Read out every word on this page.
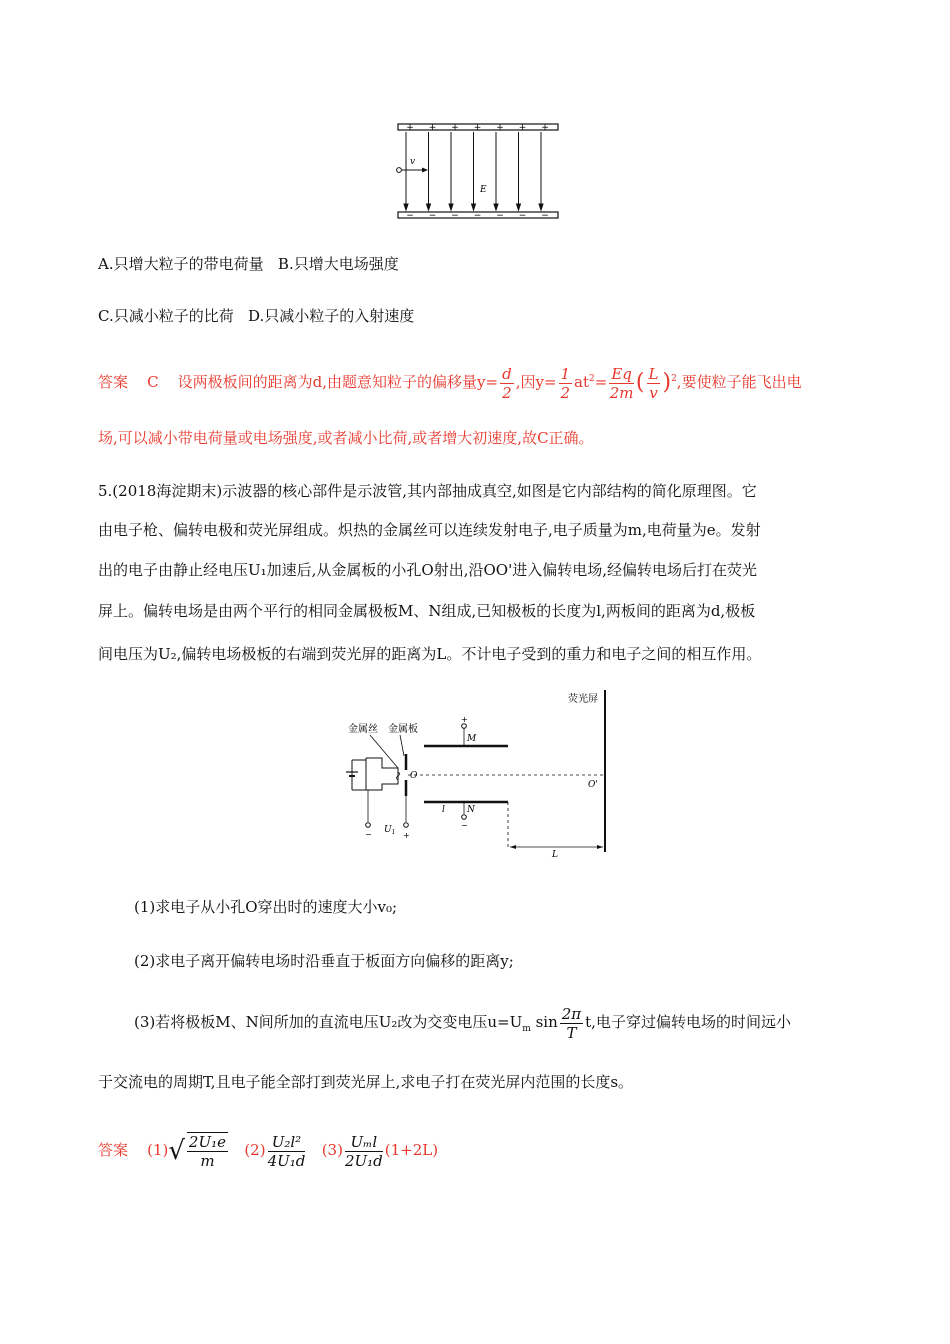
+ + + + + + +
− − − − − − −
v
E
A.只增大粒子的带电荷量 B.只增大电场强度
C.只减小粒子的比荷 D.只减小粒子的入射速度
答案 C 设两极板间的距离为d,由题意知粒子的偏移量$y= \frac{d}{2}$ ,因$y= \frac{1}{2} at^2= \frac{Eq}{2m}$ ( $\frac{L}{v} )^2$,要使粒子能飞出电
场,可以减小带电荷量或电场强度,或者减小比荷,或者增大初速度,故C正确。
5.(2018海淀期末)示波器的核心部件是示波管,其内部抽成真空,如图是它内部结构的简化原理图。它
由电子枪、偏转电极和荧光屏组成。炽热的金属丝可以连续发射电子,电子质量为m,电荷量为e。发射
出的电子由静止经电压U₁加速后,从金属板的小孔O射出,沿OO'进入偏转电场,经偏转电场后打在荧光
屏上。偏转电场是由两个平行的相同金属极板M、N组成,已知极板的长度为l,两板间的距离为d,极板
间电压为U₂,偏转电场极板的右端到荧光屏的距离为L。不计电子受到的重力和电子之间的相互作用。
荧光屏
金属丝 金属板
O
−	+
$U_1$
+
M
−
N
l
O'
L
(1)求电子从小孔O穿出时的速度大小v₀;
(2)求电子离开偏转电场时沿垂直于板面方向偏移的距离y;
(3)若将极板M、N间所加的直流电压U₂改为交变电压$u=U_m$ $\sin \frac{2\pi}{T} t$,电子穿过偏转电场的时间远小
于交流电的周期T,且电子能全部打到荧光屏上,求电子打在荧光屏内范围的长度s。
答案 $(1)√ \frac{\text{2U₁e}}{m} (2) \frac{\text{U₂l²}}{\text{4U₁d}} (3) \frac{\text{Uₘl}}{\text{2U₁d}} (1+2L)$
